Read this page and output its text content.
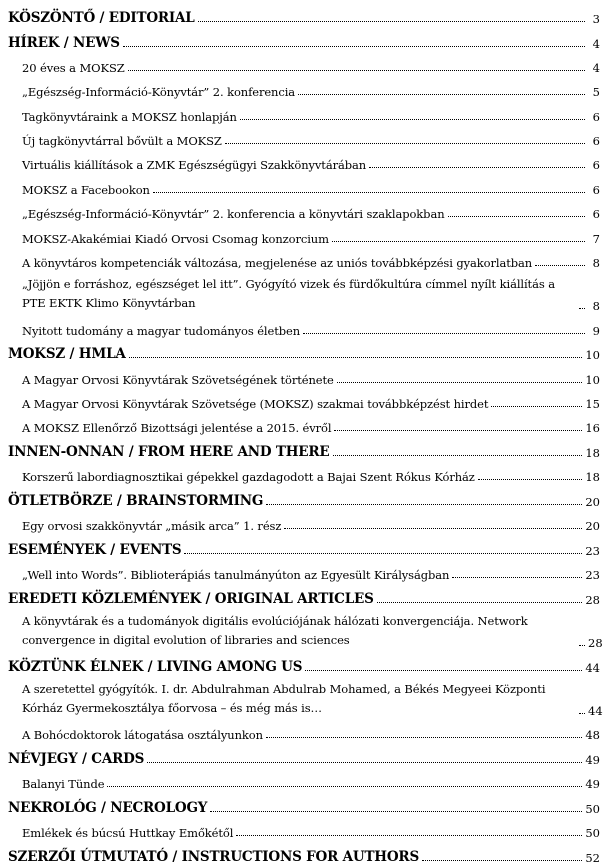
KÖSZÖNTŐ / EDITORIAL	3
HÍREK / NEWS	4
20 éves a MOKSZ	4
„Egészség-Információ-Könyvtár” 2. konferencia	5
Tagkönyvtáraink a MOKSZ honlapján	6
Új tagkönyvtárral bővült a MOKSZ	6
Virtuális kiállítások a ZMK Egészségügyi Szakkönyvtárában	6
MOKSZ a Facebookon	6
„Egészség-Információ-Könyvtár” 2. konferencia a könyvtári szaklapokban	6
MOKSZ-Akakémiai Kiadó Orvosi Csomag konzorcium	7
A könyvtáros kompetenciák változása, megjelenése az uniós továbbképzési gyakorlatban	8
„Jöjjön e forráshoz, egészséget lel itt”. Gyógyító vizek és fürdőkultúra címmel nyílt kiállítás a PTE EKTK Klimo Könyvtárban	8
Nyitott tudomány a magyar tudományos életben	9
MOKSZ / HMLA	10
A Magyar Orvosi Könyvtárak Szövetségének története	10
A Magyar Orvosi Könyvtárak Szövetsége (MOKSZ) szakmai továbbképzést hirdet	15
A MOKSZ Ellenőrző Bizottsági jelentése a 2015. évről	16
INNEN-ONNAN / FROM HERE AND THERE	18
Korszerű labordiagnosztikai gépekkel gazdagodott a Bajai Szent Rókus Kórház	18
ÖTLETBÖRZE / BRAINSTORMING	20
Egy orvosi szakkönyvtár „másik arca” 1. rész	20
ESEMÉNYEK / EVENTS	23
„Well into Words”. Biblioterápiás tanulmányúton az Egyesült Királyságban	23
EREDETI KÖZLEMÉNYEK / ORIGINAL ARTICLES	28
A könyvtárak és a tudományok digitális evolúciójának hálózati konvergenciája. Network convergence in digital evolution of libraries and sciences	28
KÖZTÜNK ÉLNEK / LIVING AMONG US	44
A szeretettel gyógyítók. I. dr. Abdulrahman Abdulrab Mohamed, a Békés Megyeei Központi Kórház Gyermekosztálya főorvosa – és még más is…	44
A Bohócdoktorok látogatása osztályunkon	48
NÉVJEGY / CARDS	49
Balanyi Tünde	49
NEKROLÓG / NECROLOGY	50
Emlékek és búcsú Huttkay Emőkétől	50
SZERZŐI ÚTMUTATÓ / INSTRUCTIONS FOR AUTHORS	52
